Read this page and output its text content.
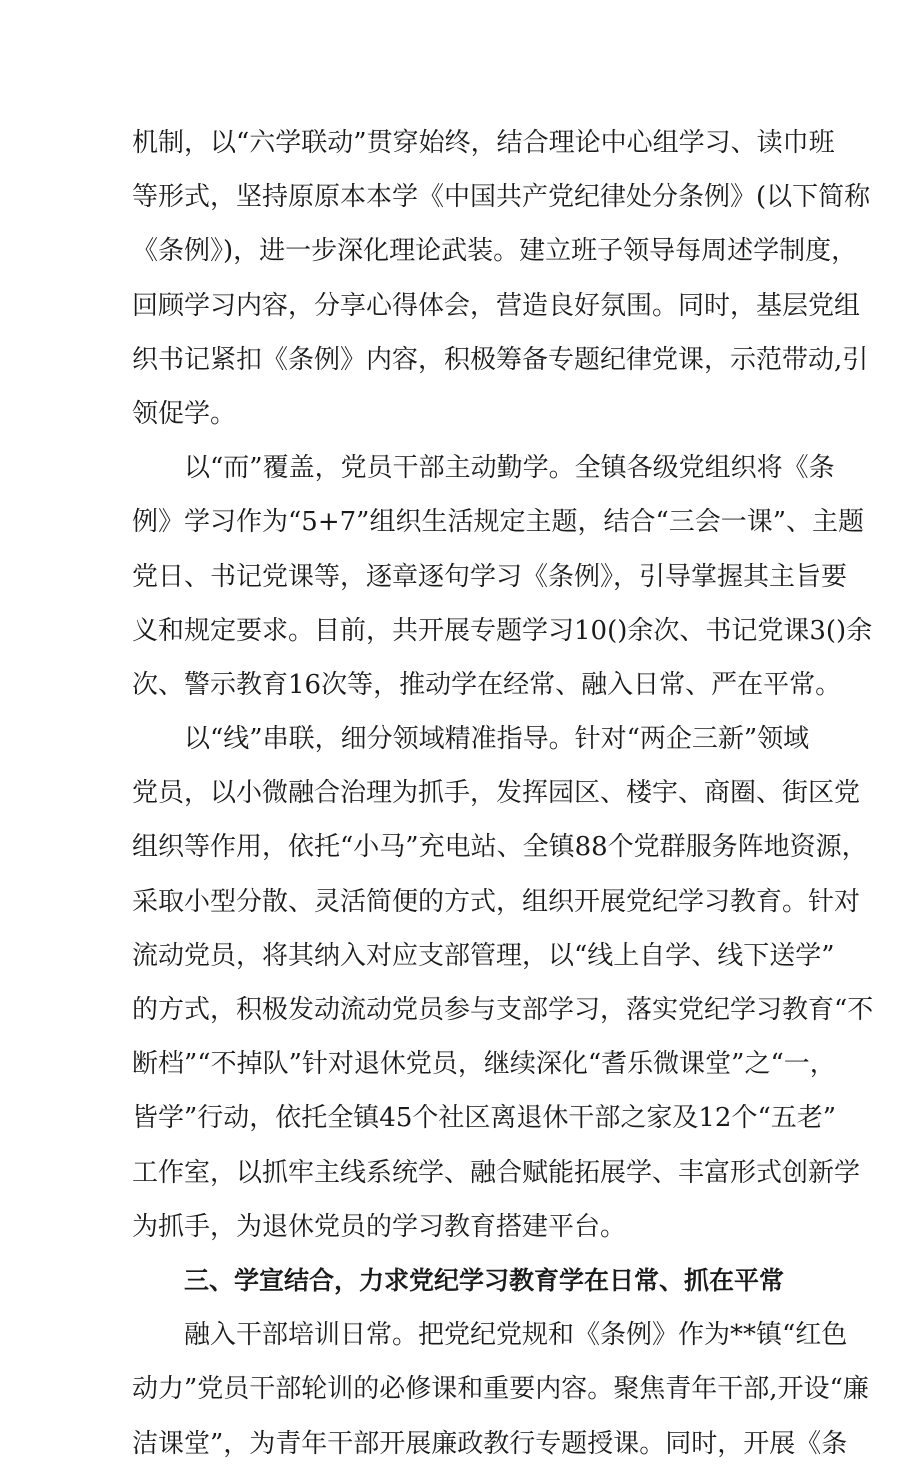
机制，以“六学联动”贯穿始终，结合理论中心组学习、读巾班
等形式，坚持原原本本学《中国共产党纪律处分条例》(以下简称
《条例》)，进一步深化理论武装。建立班子领导每周述学制度，
回顾学习内容，分享心得体会，营造良好氛围。同时，基层党组
织书记紧扣《条例》内容，积极筹备专题纪律党课，示范带动,引
领促学。
以“而”覆盖，党员干部主动勤学。全镇各级党组织将《条
例》学习作为“5+7”组织生活规定主题，结合“三会一课”、主题
党日、书记党课等，逐章逐句学习《条例》，引导掌握其主旨要
义和规定要求。目前，共开展专题学习10()余次、书记党课3()余
次、警示教育16次等，推动学在经常、融入日常、严在平常。
以“线”串联，细分领域精准指导。针对“两企三新”领域
党员，以小微融合治理为抓手，发挥园区、楼宇、商圈、街区党
组织等作用，依托“小马”充电站、全镇88个党群服务阵地资源，
采取小型分散、灵活简便的方式，组织开展党纪学习教育。针对
流动党员，将其纳入对应支部管理，以“线上自学、线下送学”
的方式，积极发动流动党员参与支部学习，落实党纪学习教育“不
断档”“不掉队”针对退休党员，继续深化“耆乐微课堂”之“一，
皆学”行动，依托全镇45个社区离退休干部之家及12个“五老”
工作室，以抓牢主线系统学、融合赋能拓展学、丰富形式创新学
为抓手，为退休党员的学习教育搭建平台。
三、学宣结合，力求党纪学习教育学在日常、抓在平常
融入干部培训日常。把党纪党规和《条例》作为**镇“红色
动力”党员干部轮训的必修课和重要内容。聚焦青年干部,开设“廉
洁课堂”，为青年干部开展廉政教行专题授课。同时，开展《条
